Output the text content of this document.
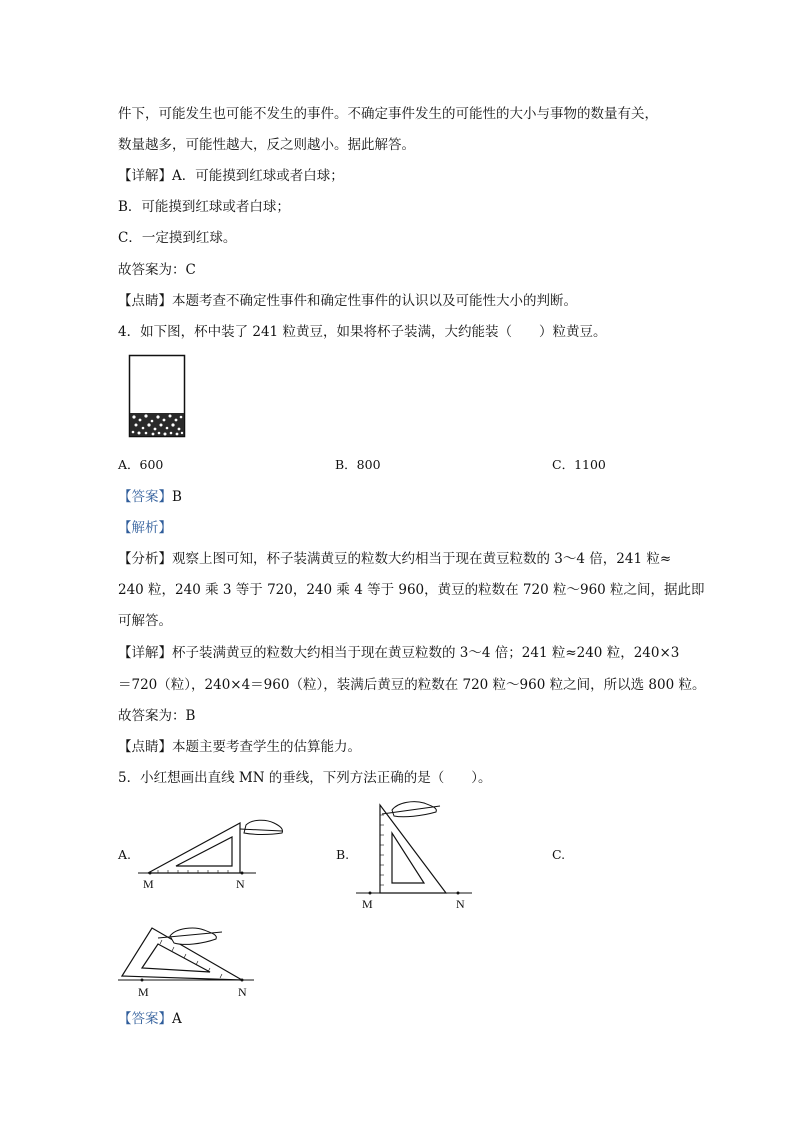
件下，可能发生也可能不发生的事件。不确定事件发生的可能性的大小与事物的数量有关，
数量越多，可能性越大，反之则越小。据此解答。
【详解】A．可能摸到红球或者白球；
B．可能摸到红球或者白球；
C．一定摸到红球。
故答案为：C
【点睛】本题考查不确定性事件和确定性事件的认识以及可能性大小的判断。
4．如下图，杯中装了 241 粒黄豆，如果将杯子装满，大约能装（　　）粒黄豆。
A．600	B．800	C．1100
【答案】B
【解析】
【分析】观察上图可知，杯子装满黄豆的粒数大约相当于现在黄豆粒数的 3～4 倍，241 粒≈
240 粒，240 乘 3 等于 720，240 乘 4 等于 960，黄豆的粒数在 720 粒～960 粒之间，据此即
可解答。
【详解】杯子装满黄豆的粒数大约相当于现在黄豆粒数的 3～4 倍；241 粒≈240 粒，240×3
＝720（粒），240×4＝960（粒），装满后黄豆的粒数在 720 粒～960 粒之间，所以选 800 粒。
故答案为：B
【点睛】本题主要考查学生的估算能力。
5．小红想画出直线 MN 的垂线，下列方法正确的是（　　）。
A.	B.	C.
M	N
M	N
M	N
【答案】A
